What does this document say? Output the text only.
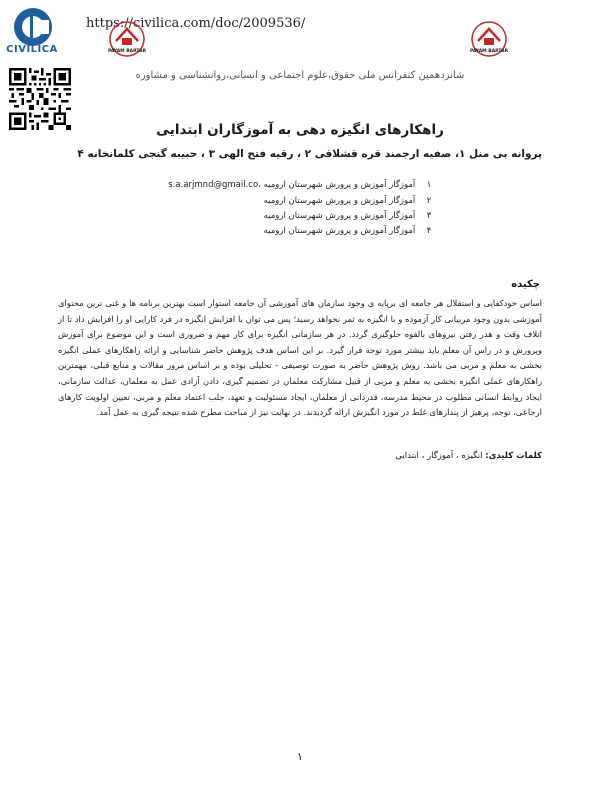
CIVILICA
https://civilica.com/doc/2009536/
PAYAM BARTAR	PAYAM BARTAR
شانزدهمین کنفرانس ملی حقوق،علوم اجتماعی و انسانی،روانشناسی و مشاوره
راهکارهای انگیزه دهی به آموزگاران ابتدایی
پروانه بی منل ۱، صفیه ارجمند قره قشلاقی ۲ ، رقیه فتح الهی ۳ ، حبیبه گنجی کلمانخانه ۴
۱ آموزگار آموزش و پرورش شهرستان ارومیه ،s.a.arjmnd@gmail.co
۲ آموزگار آموزش و پرورش شهرستان ارومیه
۳ آموزگار آموزش و پرورش شهرستان ارومیه
۴ آموزگار آموزش و پرورش شهرستان ارومیه
چکیده
اساس خودکفایی و استقلال هر جامعه ای برپایه ی وجود سازمان های آموزشی آن جامعه استوار است بهترین برنامه ها و غنی ترین محتوای آموزشی بدون وجود مربیانی کار آزموده و با انگیزه به ثمر نخواهد رسید؛ پس می توان با افزایش انگیزه در فرد کارایی او را افزایش داد تا از اتلاف وقت و هدر رفتن نیروهای بالقوه جلوگیری گردد. در هر سازمانی انگیزه برای کار مهم و ضروری است و این موضوع برای آموزش وپرورش و در راس آن معلم باید بیشتر مورد توجه قرار گیرد. بر این اساس هدف پژوهش حاضر شناسایی و ارائه راهکارهای عملی انگیزه بخشی به معلم و مربی می باشد. روش پژوهش حاضر به صورت توصیفی - تحلیلی بوده و بر اساس مرور مقالات و منابع قبلی، مهمترین راهکارهای عملی انگیزه بخشی به معلم و مربی از قبیل مشارکت معلمان در تصمیم گیری، دادن آزادی عمل به معلمان، عدالت سازمانی، ایجاد روابط انسانی مطلوب در محیط مدرسه، قدردانی از معلمان، ایجاد مسئولیت و تعهد، جلب اعتماد معلم و مربی، تعیین اولویت کارهای ارجاعی، توجه، پرهیز از پندارهای غلط در مورد انگیزش ارائه گردیدند. در نهایت نیز از مباحث مطرح شده نتیجه گیری به عمل آمد.
کلمات کلیدی: انگیزه ، آموزگار ، ابتدایی
۱
